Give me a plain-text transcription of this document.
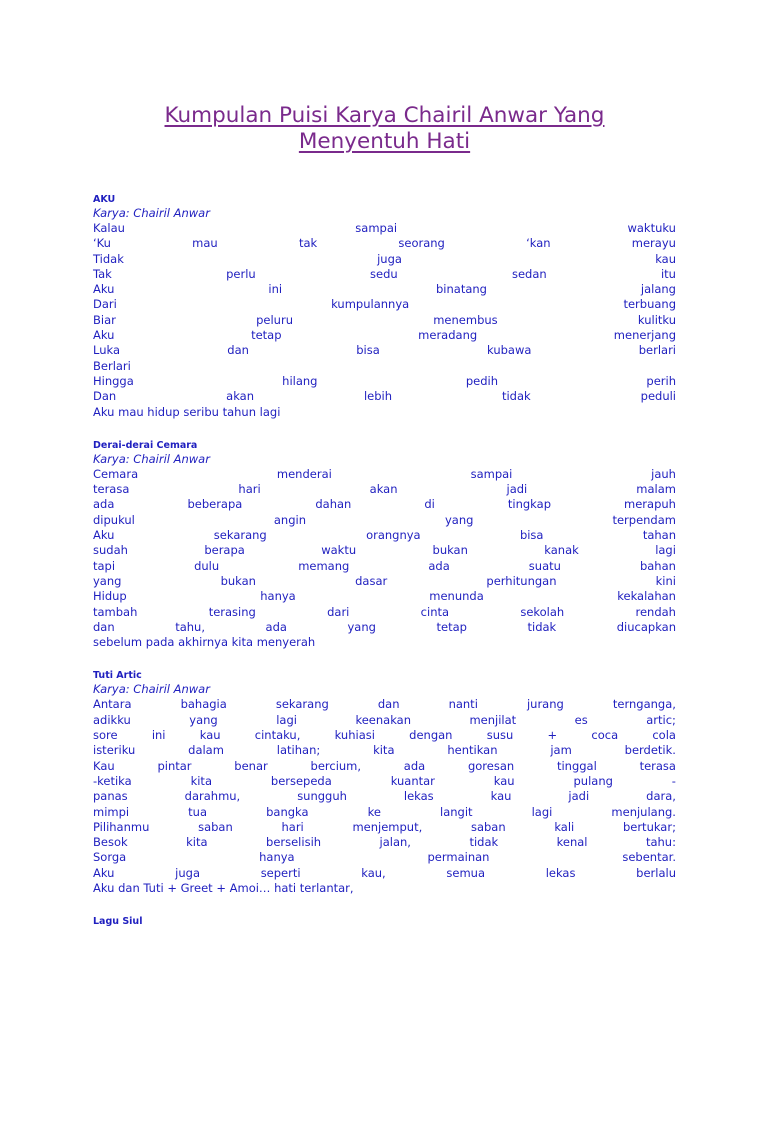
Kumpulan Puisi Karya Chairil Anwar Yang
Menyentuh Hati
AKU
Karya: Chairil Anwar
Kalau	sampai	waktuku
‘Ku	mau	tak	seorang	‘kan	merayu
Tidak	juga	kau
Tak	perlu	sedu	sedan	itu
Aku	ini	binatang	jalang
Dari	kumpulannya	terbuang
Biar	peluru	menembus	kulitku
Aku	tetap	meradang	menerjang
Luka	dan	bisa	kubawa	berlari
Berlari
Hingga	hilang	pedih	perih
Dan	akan	lebih	tidak	peduli
Aku mau hidup seribu tahun lagi
Derai-derai Cemara
Karya: Chairil Anwar
Cemara	menderai	sampai	jauh
terasa	hari	akan	jadi	malam
ada	beberapa	dahan	di	tingkap	merapuh
dipukul	angin	yang	terpendam
Aku	sekarang	orangnya	bisa	tahan
sudah	berapa	waktu	bukan	kanak	lagi
tapi	dulu	memang	ada	suatu	bahan
yang	bukan	dasar	perhitungan	kini
Hidup	hanya	menunda	kekalahan
tambah	terasing	dari	cinta	sekolah	rendah
dan	tahu,	ada	yang	tetap	tidak	diucapkan
sebelum pada akhirnya kita menyerah
Tuti Artic
Karya: Chairil Anwar
Antara	bahagia	sekarang	dan	nanti	jurang	ternganga,
adikku	yang	lagi	keenakan	menjilat	es	artic;
sore	ini	kau	cintaku,	kuhiasi	dengan	susu	+	coca	cola
isteriku	dalam	latihan;	kita	hentikan	jam	berdetik.
Kau	pintar	benar	bercium,	ada	goresan	tinggal	terasa
-ketika	kita	bersepeda	kuantar	kau	pulang	-
panas	darahmu,	sungguh	lekas	kau	jadi	dara,
mimpi	tua	bangka	ke	langit	lagi	menjulang.
Pilihanmu	saban	hari	menjemput,	saban	kali	bertukar;
Besok	kita	berselisih	jalan,	tidak	kenal	tahu:
Sorga	hanya	permainan	sebentar.
Aku	juga	seperti	kau,	semua	lekas	berlalu
Aku dan Tuti + Greet + Amoi… hati terlantar,
Lagu Siul
